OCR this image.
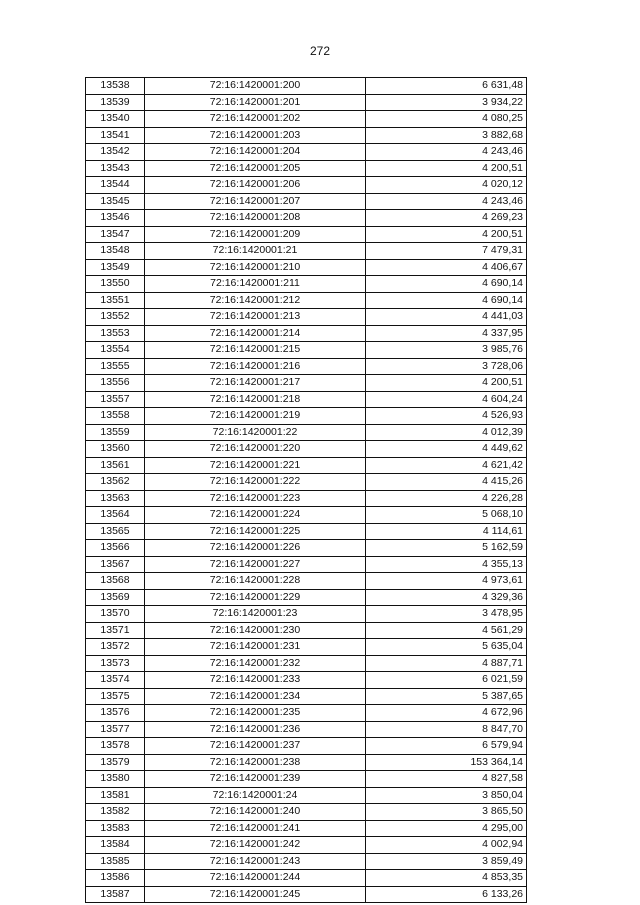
272
13538	72:16:1420001:200	6 631,48
13539	72:16:1420001:201	3 934,22
13540	72:16:1420001:202	4 080,25
13541	72:16:1420001:203	3 882,68
13542	72:16:1420001:204	4 243,46
13543	72:16:1420001:205	4 200,51
13544	72:16:1420001:206	4 020,12
13545	72:16:1420001:207	4 243,46
13546	72:16:1420001:208	4 269,23
13547	72:16:1420001:209	4 200,51
13548	72:16:1420001:21	7 479,31
13549	72:16:1420001:210	4 406,67
13550	72:16:1420001:211	4 690,14
13551	72:16:1420001:212	4 690,14
13552	72:16:1420001:213	4 441,03
13553	72:16:1420001:214	4 337,95
13554	72:16:1420001:215	3 985,76
13555	72:16:1420001:216	3 728,06
13556	72:16:1420001:217	4 200,51
13557	72:16:1420001:218	4 604,24
13558	72:16:1420001:219	4 526,93
13559	72:16:1420001:22	4 012,39
13560	72:16:1420001:220	4 449,62
13561	72:16:1420001:221	4 621,42
13562	72:16:1420001:222	4 415,26
13563	72:16:1420001:223	4 226,28
13564	72:16:1420001:224	5 068,10
13565	72:16:1420001:225	4 114,61
13566	72:16:1420001:226	5 162,59
13567	72:16:1420001:227	4 355,13
13568	72:16:1420001:228	4 973,61
13569	72:16:1420001:229	4 329,36
13570	72:16:1420001:23	3 478,95
13571	72:16:1420001:230	4 561,29
13572	72:16:1420001:231	5 635,04
13573	72:16:1420001:232	4 887,71
13574	72:16:1420001:233	6 021,59
13575	72:16:1420001:234	5 387,65
13576	72:16:1420001:235	4 672,96
13577	72:16:1420001:236	8 847,70
13578	72:16:1420001:237	6 579,94
13579	72:16:1420001:238	153 364,14
13580	72:16:1420001:239	4 827,58
13581	72:16:1420001:24	3 850,04
13582	72:16:1420001:240	3 865,50
13583	72:16:1420001:241	4 295,00
13584	72:16:1420001:242	4 002,94
13585	72:16:1420001:243	3 859,49
13586	72:16:1420001:244	4 853,35
13587	72:16:1420001:245	6 133,26
